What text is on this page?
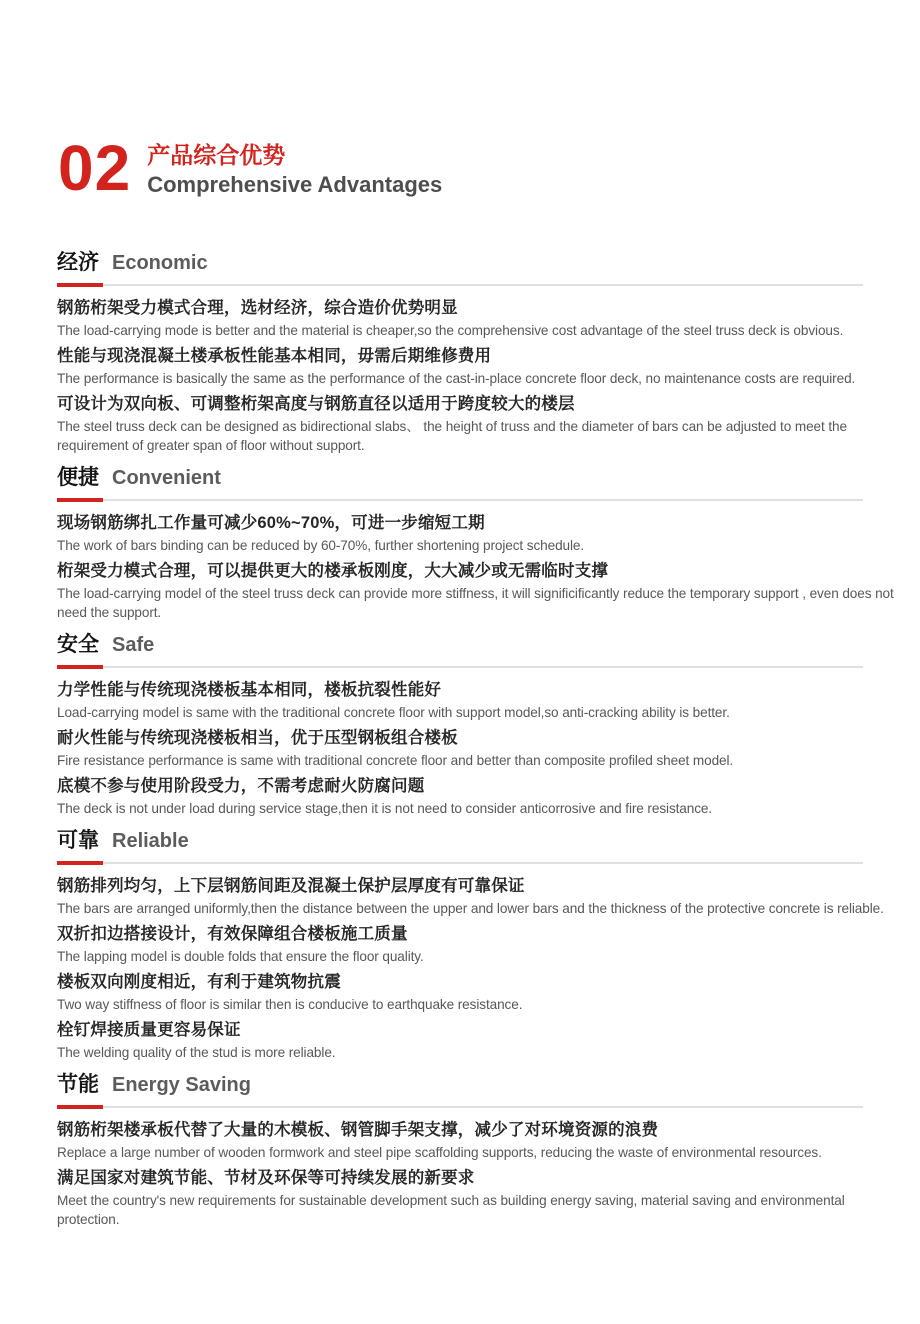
02 产品综合优势
Comprehensive Advantages
经济 Economic

钢筋桁架受力模式合理，选材经济，综合造价优势明显

The load-carrying mode is better and the material is cheaper,so the comprehensive cost advantage of the steel truss deck is obvious.

性能与现浇混凝土楼承板性能基本相同，毋需后期维修费用

The performance is basically the same as the performance of the cast-in-place concrete floor deck, no maintenance costs are required.

可设计为双向板、可调整桁架高度与钢筋直径以适用于跨度较大的楼层

The steel truss deck can be designed as bidirectional slabs、 the height of truss and the diameter of bars can be adjusted to meet the requirement of greater span of floor without support.

便捷 Convenient

现场钢筋绑扎工作量可减少60%~70%，可进一步缩短工期

The work of bars binding can be reduced by 60-70%, further shortening project schedule.

桁架受力模式合理，可以提供更大的楼承板刚度，大大减少或无需临时支撑

The load-carrying model of the steel truss deck can provide more stiffness, it will significificantly reduce the temporary support , even does not need the support.

安全 Safe

力学性能与传统现浇楼板基本相同，楼板抗裂性能好

Load-carrying model is same with the traditional concrete floor with support model,so anti-cracking ability is better.

耐火性能与传统现浇楼板相当，优于压型钢板组合楼板

Fire resistance performance is same with traditional concrete floor and better than composite profiled sheet model.

底模不参与使用阶段受力，不需考虑耐火防腐问题

The deck is not under load during service stage,then it is not need to consider anticorrosive and fire resistance.

可靠 Reliable

钢筋排列均匀，上下层钢筋间距及混凝土保护层厚度有可靠保证

The bars are arranged uniformly,then the distance between the upper and lower bars and the thickness of the protective concrete is reliable.

双折扣边搭接设计，有效保障组合楼板施工质量

The lapping model is double folds that ensure the floor quality.

楼板双向刚度相近，有利于建筑物抗震

Two way stiffness of floor is similar then is conducive to earthquake resistance.

栓钉焊接质量更容易保证

The welding quality of the stud is more reliable.

节能 Energy Saving

钢筋桁架楼承板代替了大量的木模板、钢管脚手架支撑，减少了对环境资源的浪费

Replace a large number of wooden formwork and steel pipe scaffolding supports, reducing the waste of environmental resources.

满足国家对建筑节能、节材及环保等可持续发展的新要求

Meet the country's new requirements for sustainable development such as building energy saving, material saving and environmental protection.
